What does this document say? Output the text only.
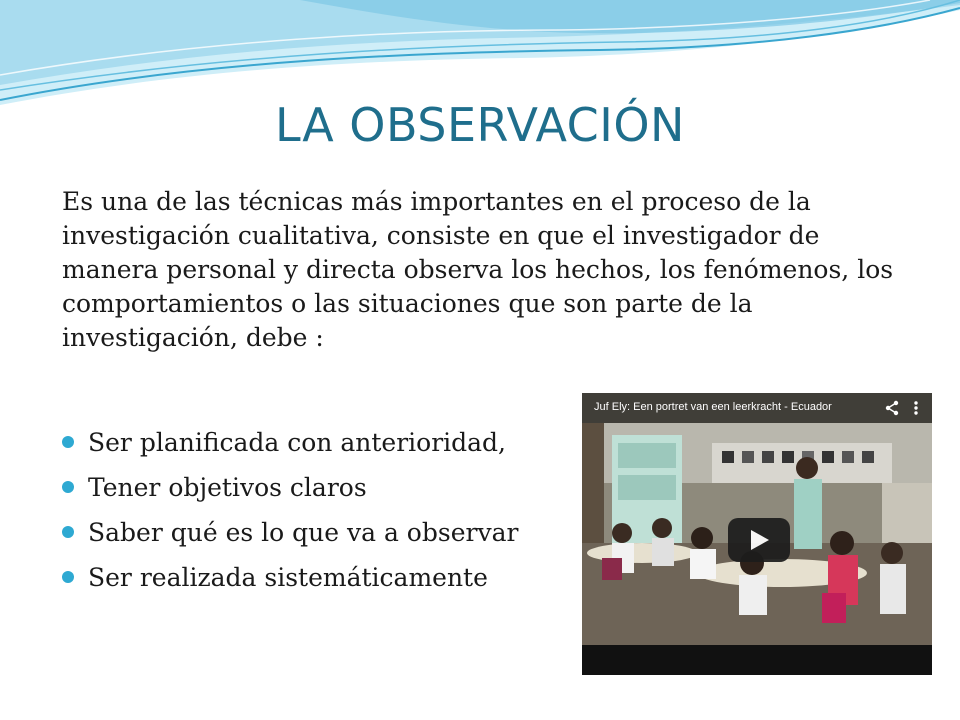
LA OBSERVACIÓN
Es una de las técnicas más importantes en el proceso de la investigación cualitativa, consiste en que el investigador de manera personal y directa observa los hechos, los fenómenos, los comportamientos o las situaciones que son parte de la investigación, debe :
Ser planificada con anterioridad,
Tener objetivos claros
Saber qué es lo que va a observar
Ser realizada sistemáticamente
Juf Ely: Een portret van een leerkracht - Ecuador
